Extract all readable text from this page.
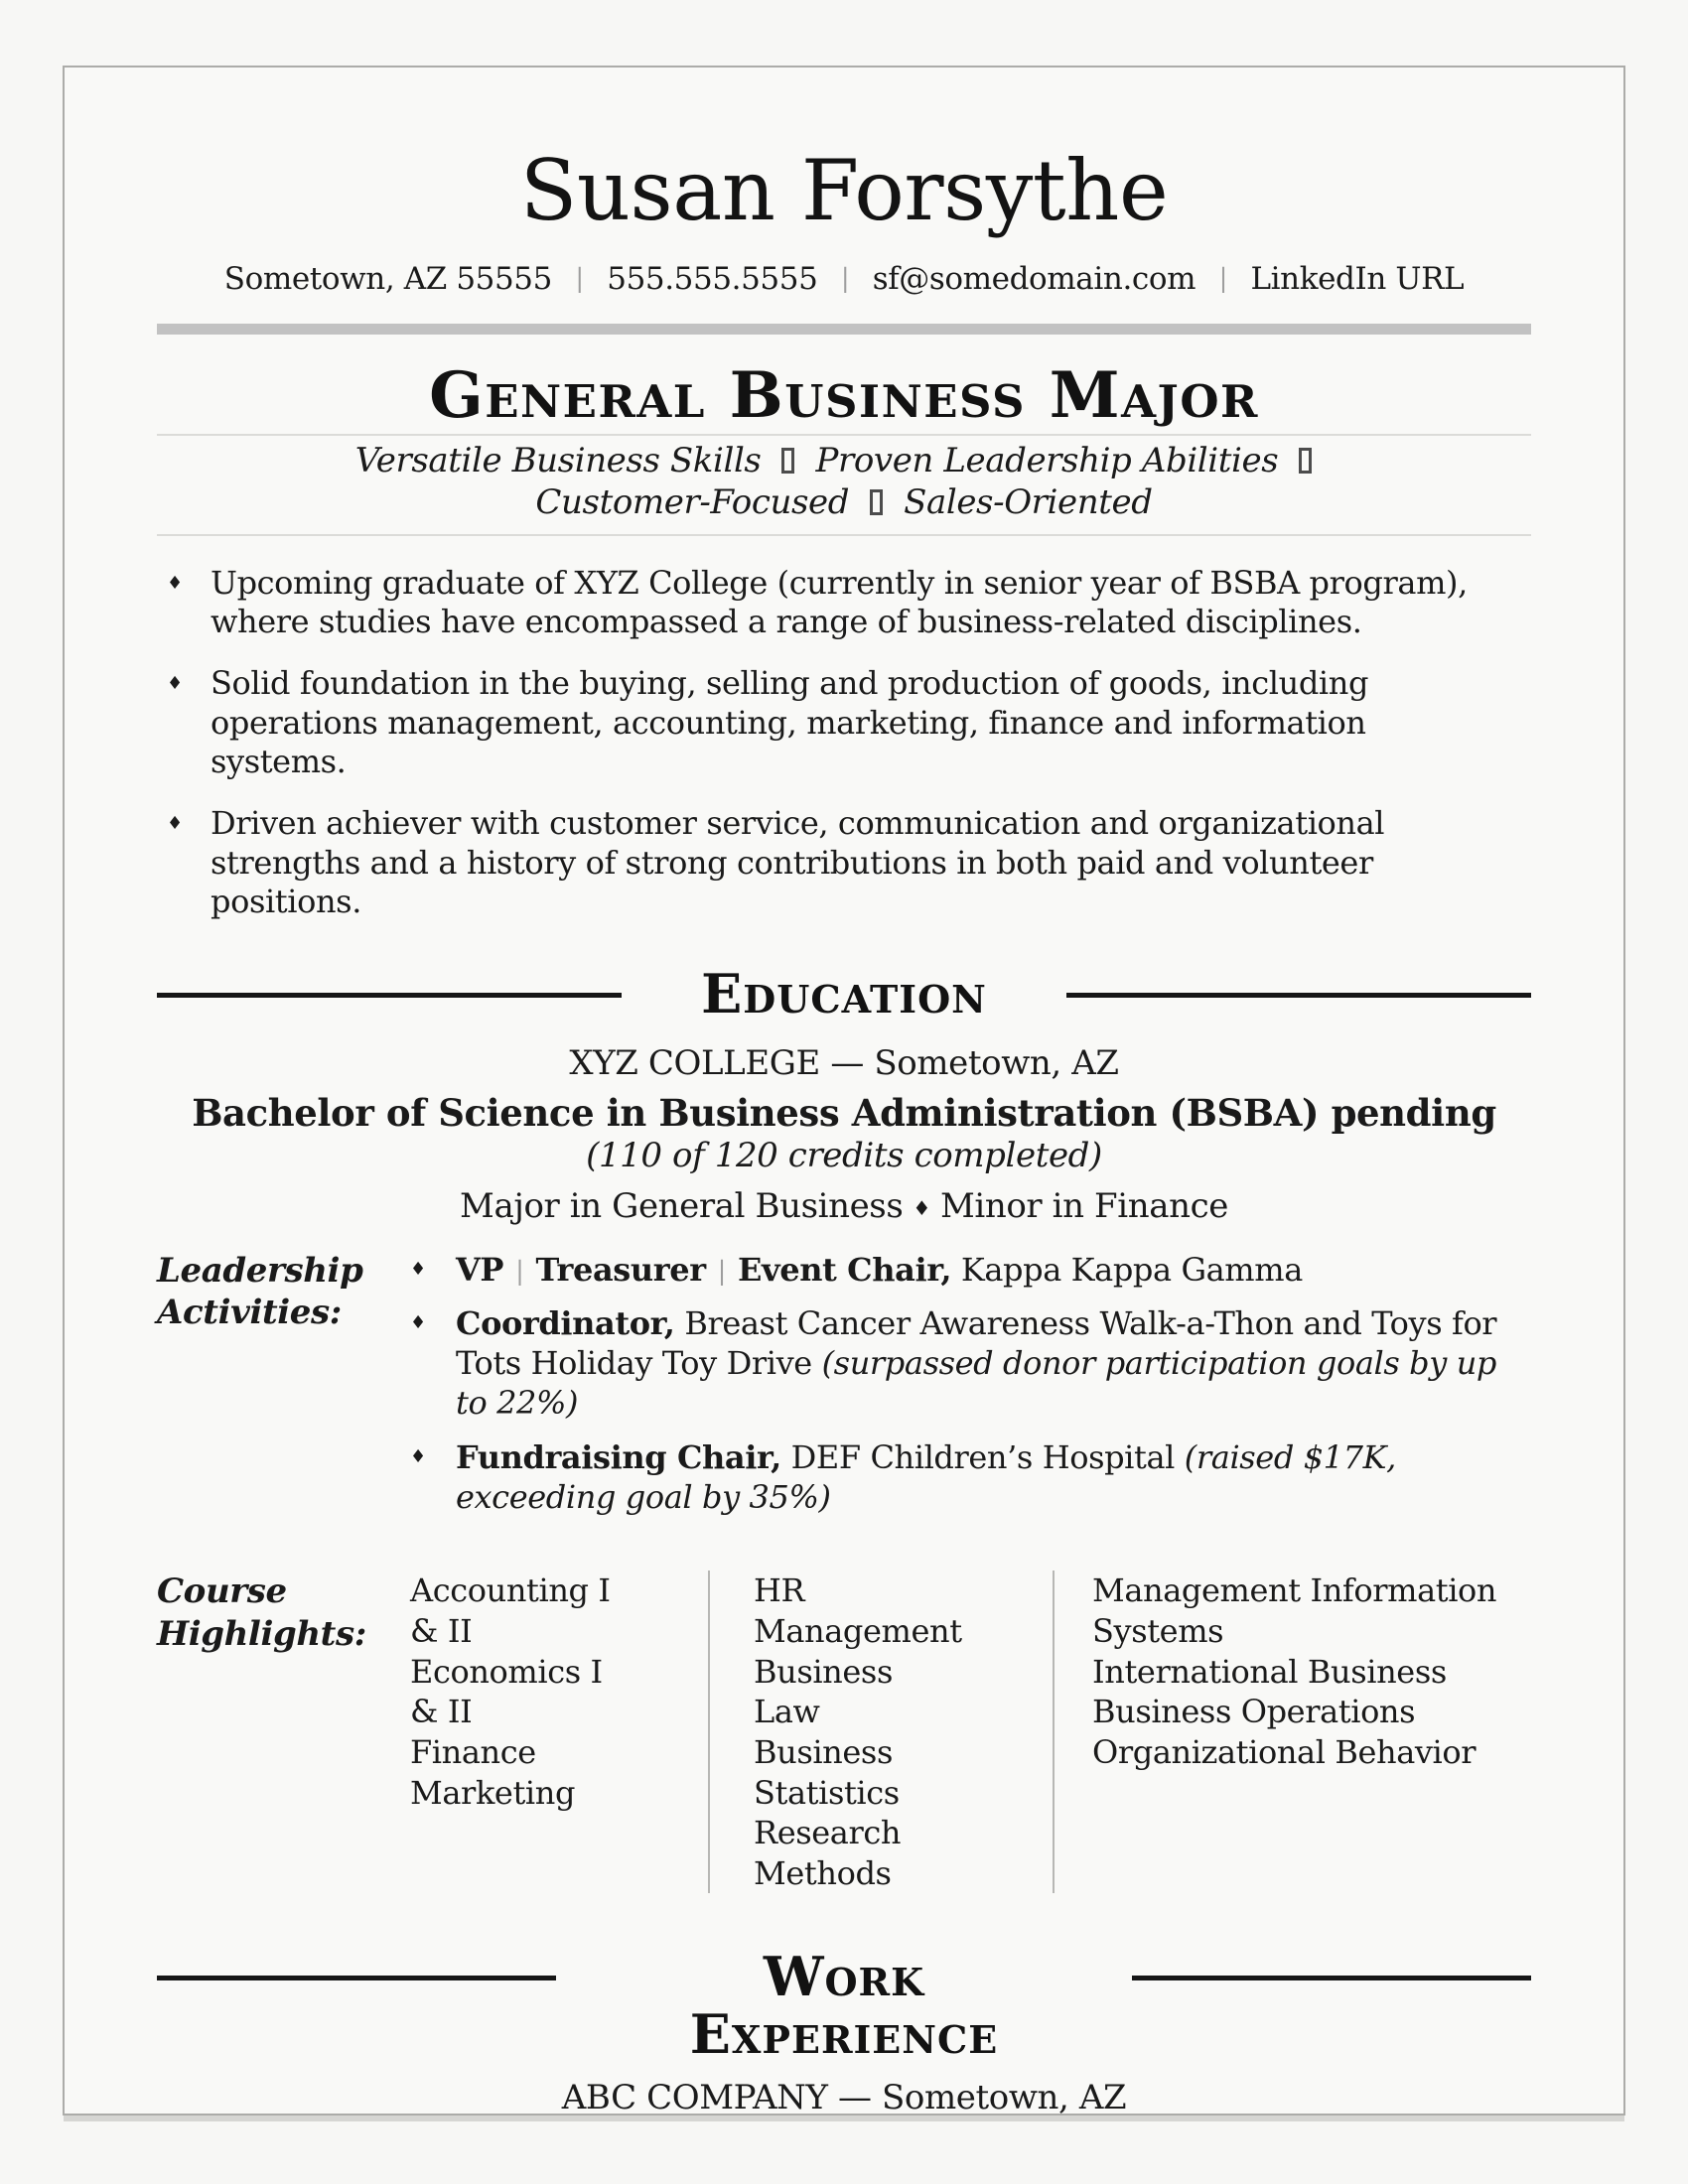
Susan Forsythe
Sometown, AZ 55555 | 555.555.5555 | sf@somedomain.com | LinkedIn URL
General Business Major

Versatile Business Skills Proven Leadership AbilitiesCustomer-Focused Sales-Oriented

♦ Upcoming graduate of XYZ College (currently in senior year of BSBA program), where studies have encompassed a range of business-related disciplines.
♦ Solid foundation in the buying, selling and production of goods, including operations management, accounting, marketing, finance and information systems.
♦ Driven achiever with customer service, communication and organizational strengths and a history of strong contributions in both paid and volunteer positions.
Education
XYZ COLLEGE — Sometown, AZ
Bachelor of Science in Business Administration (BSBA) pending (110 of 120 credits completed)
Major in General Business ♦ Minor in Finance
Leadership Activities:
♦ VP | Treasurer | Event Chair, Kappa Kappa Gamma
♦ Coordinator, Breast Cancer Awareness Walk-a-Thon and Toys for Tots Holiday Toy Drive (surpassed donor participation goals by up to 22%)
♦ Fundraising Chair, DEF Children’s Hospital (raised $17K, exceeding goal by 35%)
Course Highlights:
Accounting I & II
Economics I & II
Finance
Marketing
HR Management
Business Law
Business Statistics
Research Methods
Management Information Systems
International Business
Business Operations
Organizational Behavior
Work Experience
ABC COMPANY — Sometown, AZ
